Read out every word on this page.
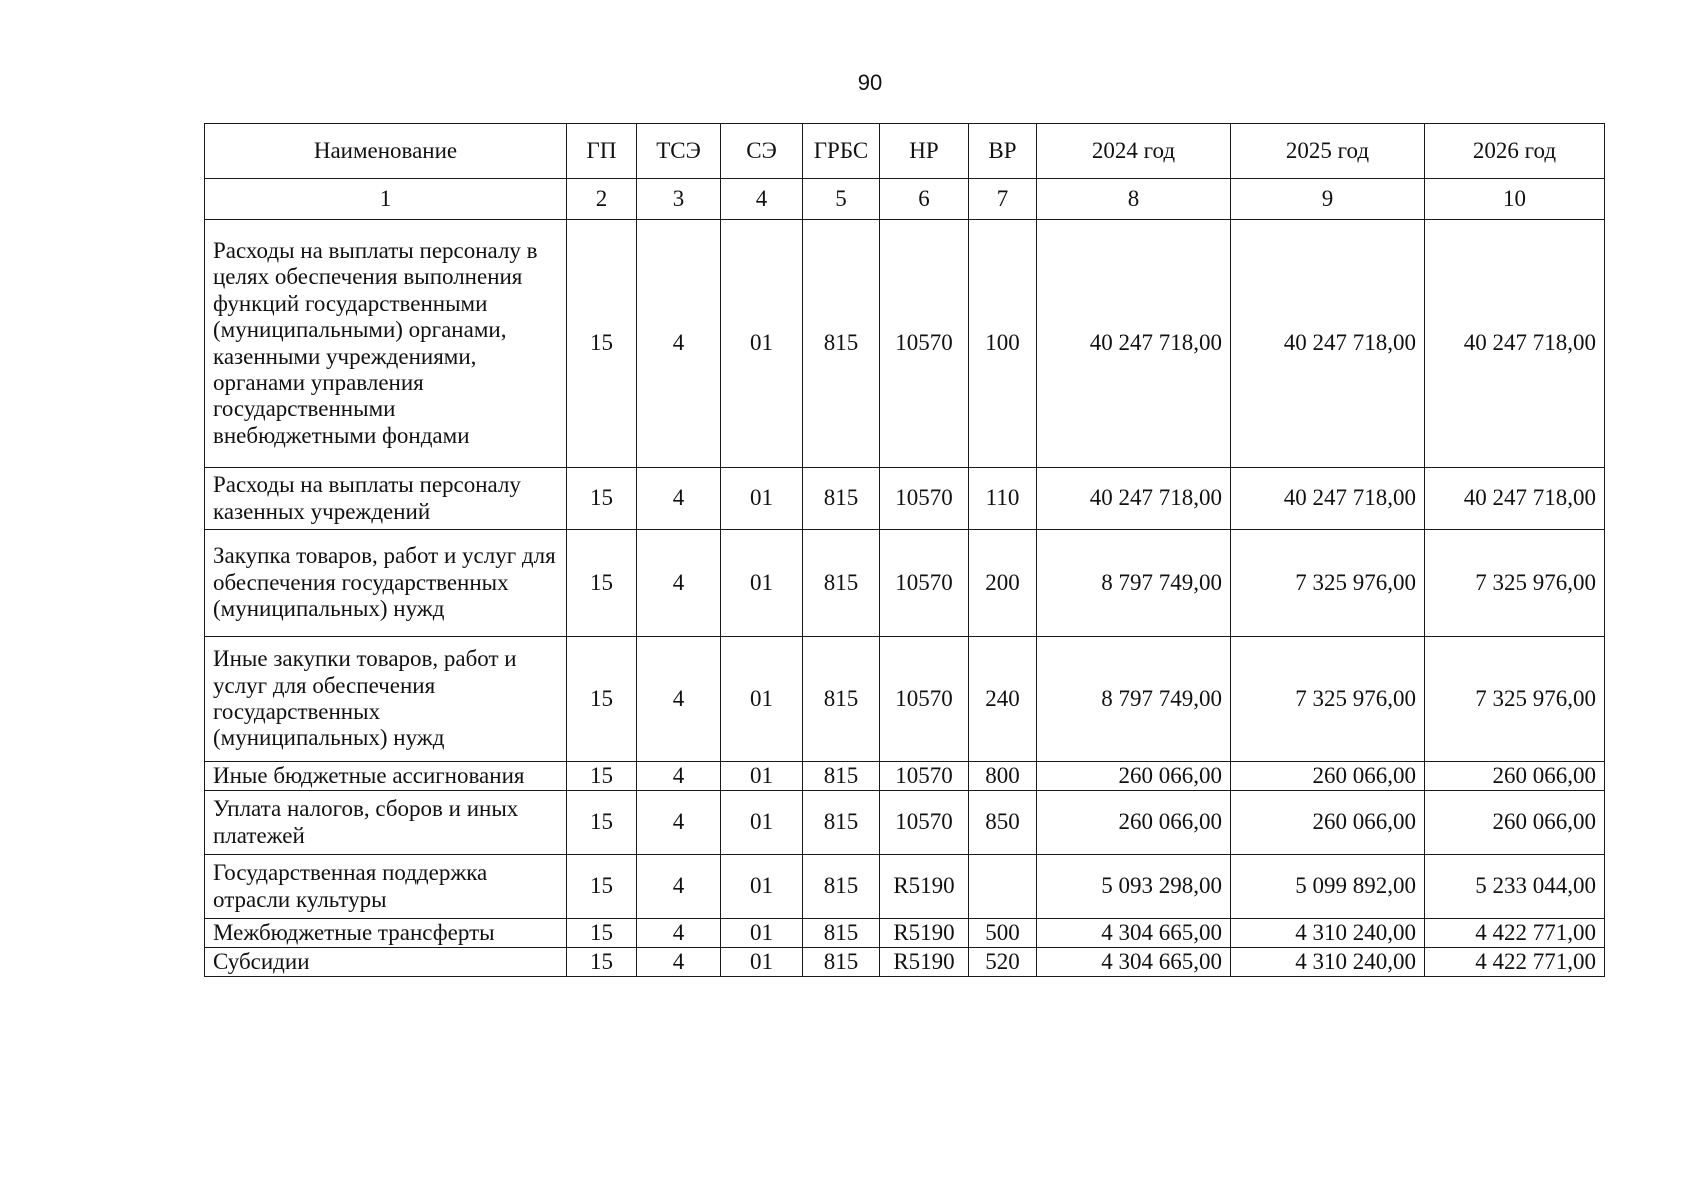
90
Наименование	ГП	ТСЭ	СЭ	ГРБС	НР	ВР	2024 год	2025 год	2026 год
1	2	3	4	5	6	7	8	9	10
Расходы на выплаты персоналу в целях обеспечения выполнения функций государственными (муниципальными) органами, казенными учреждениями, органами управления государственными внебюджетными фондами	15	4	01	815	10570	100	40 247 718,00	40 247 718,00	40 247 718,00
Расходы на выплаты персоналу казенных учреждений	15	4	01	815	10570	110	40 247 718,00	40 247 718,00	40 247 718,00
Закупка товаров, работ и услуг для обеспечения государственных (муниципальных) нужд	15	4	01	815	10570	200	8 797 749,00	7 325 976,00	7 325 976,00
Иные закупки товаров, работ и услуг для обеспечения государственных (муниципальных) нужд	15	4	01	815	10570	240	8 797 749,00	7 325 976,00	7 325 976,00
Иные бюджетные ассигнования	15	4	01	815	10570	800	260 066,00	260 066,00	260 066,00
Уплата налогов, сборов и иных платежей	15	4	01	815	10570	850	260 066,00	260 066,00	260 066,00
Государственная поддержка отрасли культуры	15	4	01	815	R5190		5 093 298,00	5 099 892,00	5 233 044,00
Межбюджетные трансферты	15	4	01	815	R5190	500	4 304 665,00	4 310 240,00	4 422 771,00
Субсидии	15	4	01	815	R5190	520	4 304 665,00	4 310 240,00	4 422 771,00
